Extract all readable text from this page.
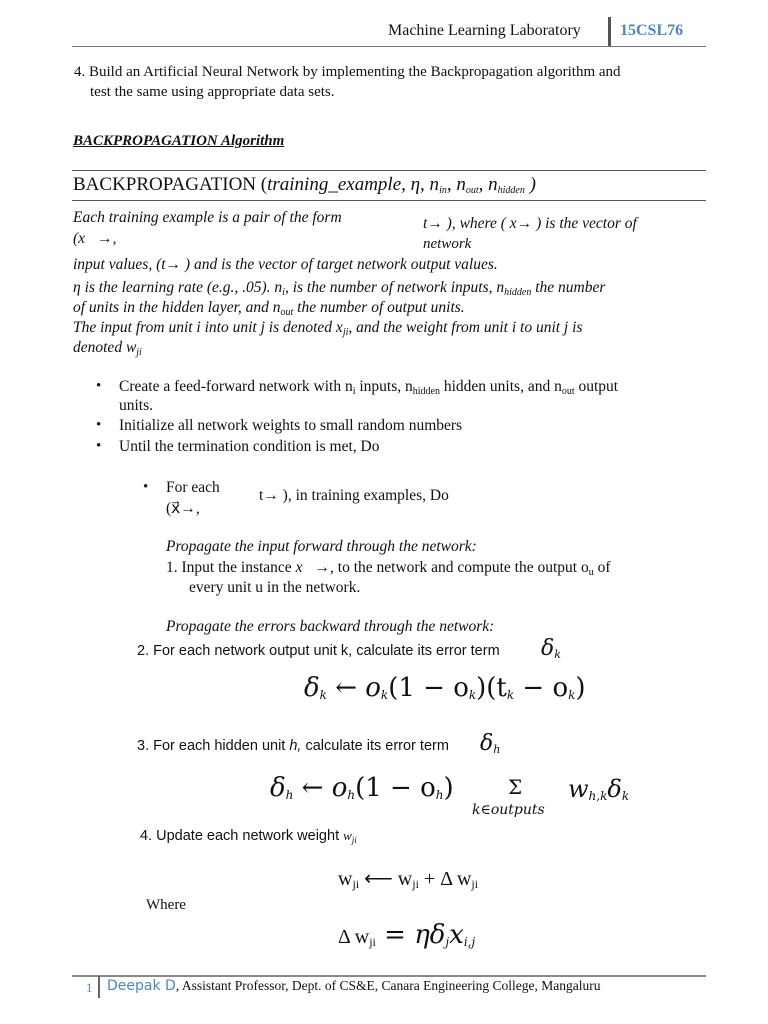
Machine Learning Laboratory 15CSL76
4. Build an Artificial Neural Network by implementing the Backpropagation algorithm and
test the same using appropriate data sets.
BACKPROPAGATION Algorithm
BACKPROPAGATION (training_example, η, $n_{in}$, $n_{out}$, $n_{hidden}$ )
Each training example is a pair of the form
(x⃗→,
t→ ), where ( x→ ) is the vector of
network
input values, (t→ ) and is the vector of target network output values.
η is the learning rate (e.g., .05). $n_i$, is the number of network inputs, $n_{hidden}$ the number
of units in the hidden layer, and $n_{out}$ the number of output units.
The input from unit i into unit j is denoted $x_{ji}$, and the weight from unit i to unit j is
denoted $w_{ji}$
• Create a feed-forward network with $n_i$ inputs, $n_{hidden}$ hidden units, and $n_{out}$ output
units.
• Initialize all network weights to small random numbers
• Until the termination condition is met, Do
• For each
(x⃗→,
t→ ), in training examples, Do
Propagate the input forward through the network:
1. Input the instance x⃗→, to the network and compute the output $o_u$ of
every unit u in the network.
Propagate the errors backward through the network:
2. For each network output unit k, calculate its error term $\delta_k$
$\delta_k$ ← $o_k(1 - o_k)(t_k - o_k)$
3. For each hidden unit h, calculate its error term $\delta_h$
$\delta_h$ ← $o_h(1 - o_h)$	Σ
k∈outputs
$w_{h,k}\delta_k$
4. Update each network weight $w_{ji}$
$w_{ji}$ ⟵ $w_{ji} + \Delta$ $w_{ji}$
Where
Δ $w_{ji} = \eta\delta_jx_{i,j}$
1 Deepak D, Assistant Professor, Dept. of CS&E, Canara Engineering College, Mangaluru
